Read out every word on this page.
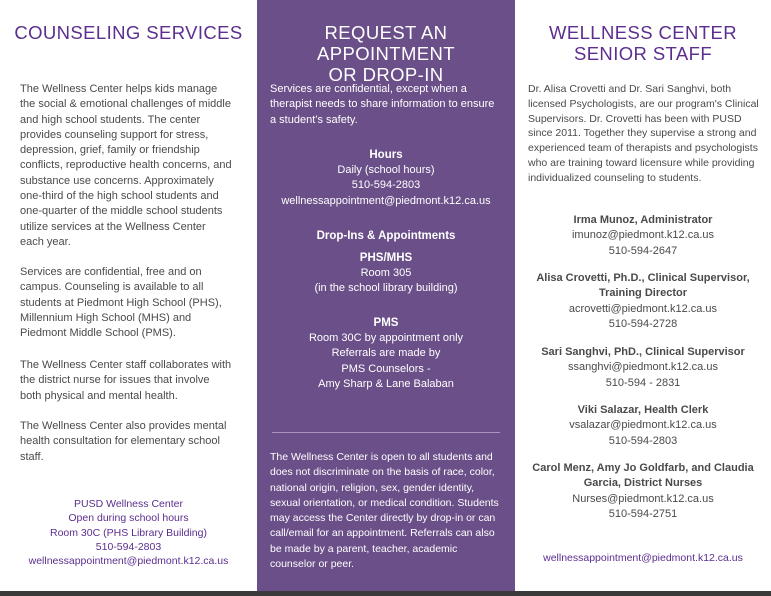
COUNSELING SERVICES

The Wellness Center helps kids manage the social & emotional challenges of middle and high school students. The center provides counseling support for stress, depression, grief, family or friendship conflicts, reproductive health concerns, and substance use concerns. Approximately one-third of the high school students and one-quarter of the middle school students utilize services at the Wellness Center each year.

Services are confidential, free and on campus. Counseling is available to all students at Piedmont High School (PHS), Millennium High School (MHS) and Piedmont Middle School (PMS).

The Wellness Center staff collaborates with the district nurse for issues that involve both physical and mental health.

The Wellness Center also provides mental health consultation for elementary school staff.

PUSD Wellness Center
Open during school hours
Room 30C (PHS Library Building)
510-594-2803
wellnessappointment@piedmont.k12.ca.us
REQUEST AN APPOINTMENT
OR DROP-IN

Services are confidential, except when a therapist needs to share information to ensure a student’s safety.

Hours
Daily (school hours)
510-594-2803
wellnessappointment@piedmont.k12.ca.us
Drop-Ins & Appointments
PHS/MHS
Room 305
(in the school library building)
PMS
Room 30C by appointment only
Referrals are made by
PMS Counselors -
Amy Sharp & Lane Balaban

The Wellness Center is open to all students and does not discriminate on the basis of race, color, national origin, religion, sex, gender identity, sexual orientation, or medical condition. Students may access the Center directly by drop-in or can call/email for an appointment. Referrals can also be made by a parent, teacher, academic counselor or peer.

WELLNESS CENTER
SENIOR STAFF

Dr. Alisa Crovetti and Dr. Sari Sanghvi, both licensed Psychologists, are our program's Clinical Supervisors. Dr. Crovetti has been with PUSD since 2011. Together they supervise a strong and experienced team of therapists and psychologists who are training toward licensure while providing individualized counseling to students.

Irma Munoz, Administrator
imunoz@piedmont.k12.ca.us
510-594-2647
Alisa Crovetti, Ph.D., Clinical Supervisor, Training Director
acrovetti@piedmont.k12.ca.us
510-594-2728
Sari Sanghvi, PhD., Clinical Supervisor
ssanghvi@piedmont.k12.ca.us
510-594 - 2831
Viki Salazar, Health Clerk
vsalazar@piedmont.k12.ca.us
510-594-2803
Carol Menz, Amy Jo Goldfarb, and Claudia Garcia, District Nurses
Nurses@piedmont.k12.ca.us
510-594-2751
wellnessappointment@piedmont.k12.ca.us
